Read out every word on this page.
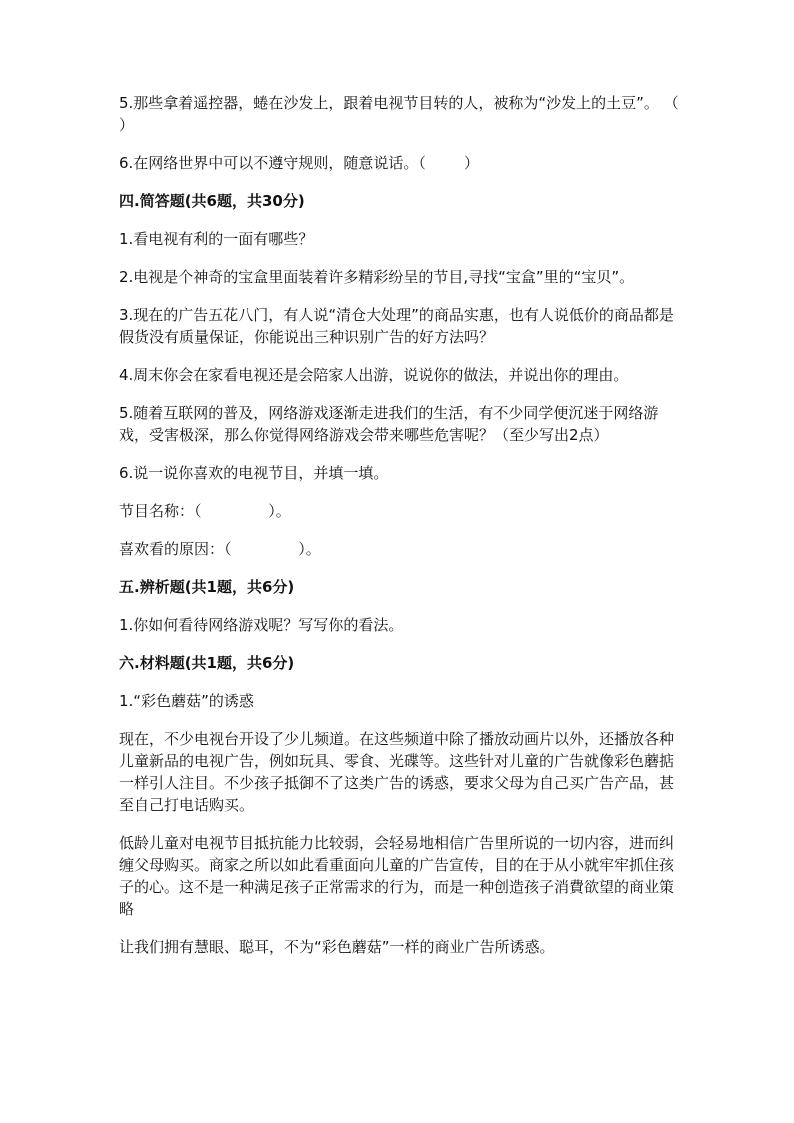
5.那些拿着遥控器，蜷在沙发上，跟着电视节目转的人，被称为“沙发上的土豆”。 （        ）

6.在网络世界中可以不遵守规则，随意说话。（        ）

四.简答题(共6题，共30分)

1.看电视有利的一面有哪些？

2.电视是个神奇的宝盒里面装着许多精彩纷呈的节目,寻找“宝盒”里的“宝贝”。

3.现在的广告五花八门，有人说“清仓大处理”的商品实惠，也有人说低价的商品都是假货没有质量保证，你能说出三种识别广告的好方法吗？

4.周末你会在家看电视还是会陪家人出游，说说你的做法，并说出你的理由。

5.随着互联网的普及，网络游戏逐渐走进我们的生活，有不少同学便沉迷于网络游戏，受害极深，那么你觉得网络游戏会带来哪些危害呢？（至少写出2点）

6.说一说你喜欢的电视节目，并填一填。

节目名称：（              ）。

喜欢看的原因：（              ）。

五.辨析题(共1题，共6分)

1.你如何看待网络游戏呢？写写你的看法。

六.材料题(共1题，共6分)

1.“彩色蘑菇”的诱惑

现在，不少电视台开设了少儿频道。在这些频道中除了播放动画片以外，还播放各种儿童新品的电视广告，例如玩具、零食、光碟等。这些针对儿童的广告就像彩色蘑掂一样引人注目。不少孩子抵御不了这类广告的诱惑，要求父母为自己买广告产品，甚至自己打电话购买。

低龄儿童对电视节目抵抗能力比较弱，会轻易地相信广告里所说的一切内容，进而纠缠父母购买。商家之所以如此看重面向儿童的广告宣传，目的在于从小就牢牢抓住孩子的心。这不是一种满足孩子正常需求的行为，而是一种创造孩子消費欲望的商业策略

让我们拥有慧眼、聪耳，不为“彩色蘑菇”一样的商业广告所诱惑。
